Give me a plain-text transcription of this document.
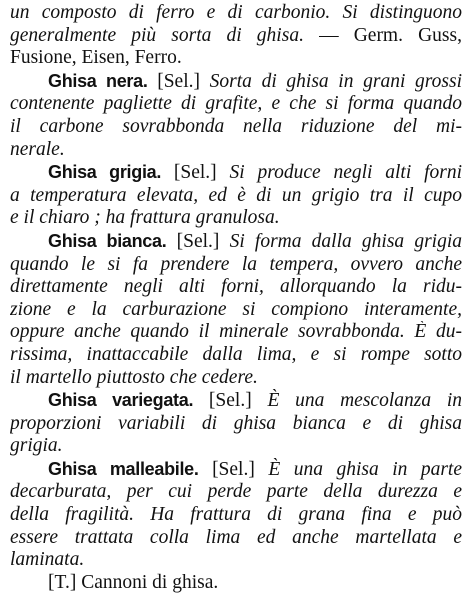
un composto di ferro e di carbonio. Si distinguono
generalmente più sorta di ghisa. — Germ. Guss,
Fusione, Eisen, Ferro.
Ghisa nera. [Sel.] Sorta di ghisa in grani grossi
contenente pagliette di grafite, e che si forma quando
il carbone sovrabbonda nella riduzione del mi-
nerale.
Ghisa grigia. [Sel.] Si produce negli alti forni
a temperatura elevata, ed è di un grigio tra il cupo
e il chiaro ; ha frattura granulosa.
Ghisa bianca. [Sel.] Si forma dalla ghisa grigia
quando le si fa prendere la tempera, ovvero anche
direttamente negli alti forni, allorquando la ridu-
zione e la carburazione si compiono interamente,
oppure anche quando il minerale sovrabbonda. È du-
rissima, inattaccabile dalla lima, e si rompe sotto
il martello piuttosto che cedere.
Ghisa variegata. [Sel.] È una mescolanza in
proporzioni variabili di ghisa bianca e di ghisa
grigia.
Ghisa malleabile. [Sel.] È una ghisa in parte
decarburata, per cui perde parte della durezza e
della fragilità. Ha frattura di grana fina e può
essere trattata colla lima ed anche martellata e
laminata.
[T.] Cannoni di ghisa.
